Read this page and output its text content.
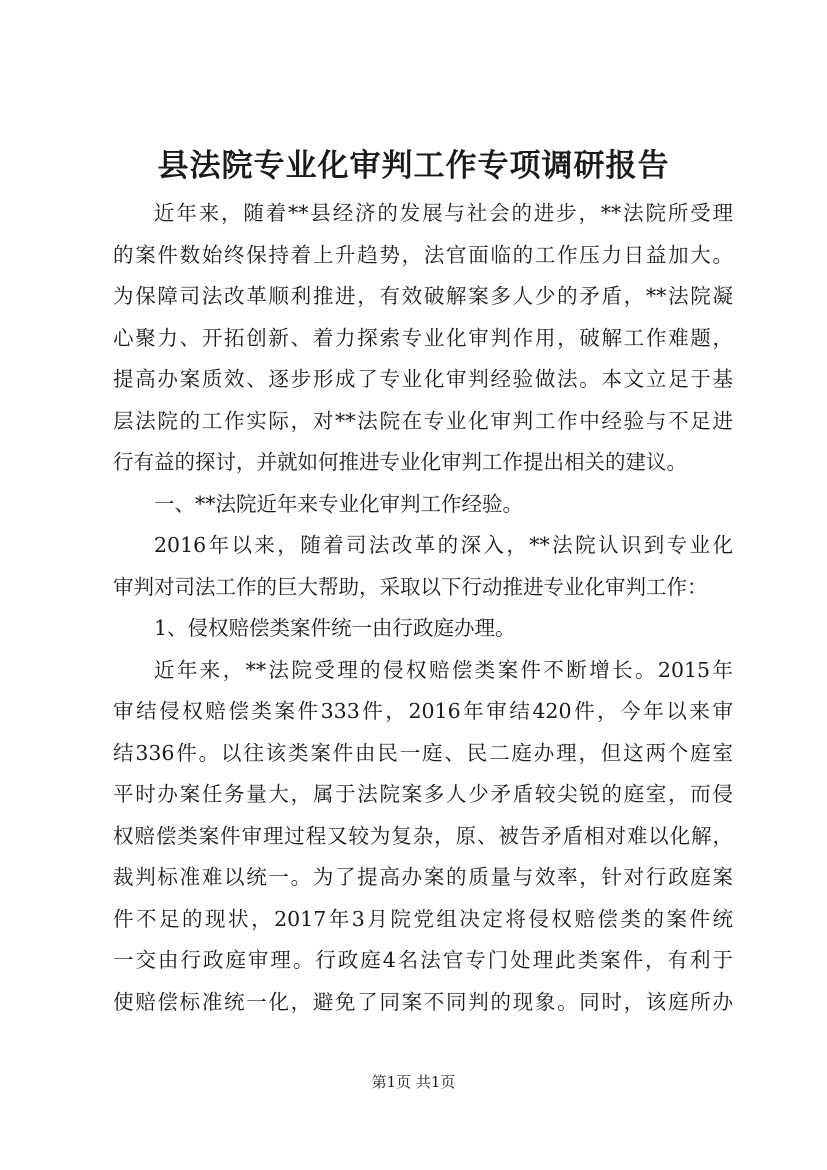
县法院专业化审判工作专项调研报告
近年来，随着**县经济的发展与社会的进步，**法院所受理
的案件数始终保持着上升趋势，法官面临的工作压力日益加大。
为保障司法改革顺利推进，有效破解案多人少的矛盾，**法院凝
心聚力、开拓创新、着力探索专业化审判作用，破解工作难题，
提高办案质效、逐步形成了专业化审判经验做法。本文立足于基
层法院的工作实际，对**法院在专业化审判工作中经验与不足进
行有益的探讨，并就如何推进专业化审判工作提出相关的建议。
一、**法院近年来专业化审判工作经验。
2016年以来，随着司法改革的深入，**法院认识到专业化
审判对司法工作的巨大帮助，采取以下行动推进专业化审判工作：
1、侵权赔偿类案件统一由行政庭办理。
近年来，**法院受理的侵权赔偿类案件不断增长。2015年
审结侵权赔偿类案件333件，2016年审结420件，今年以来审
结336件。以往该类案件由民一庭、民二庭办理，但这两个庭室
平时办案任务量大，属于法院案多人少矛盾较尖锐的庭室，而侵
权赔偿类案件审理过程又较为复杂，原、被告矛盾相对难以化解，
裁判标准难以统一。为了提高办案的质量与效率，针对行政庭案
件不足的现状，2017年3月院党组决定将侵权赔偿类的案件统
一交由行政庭审理。行政庭4名法官专门处理此类案件，有利于
使赔偿标准统一化，避免了同案不同判的现象。同时，该庭所办
第1页 共1页
